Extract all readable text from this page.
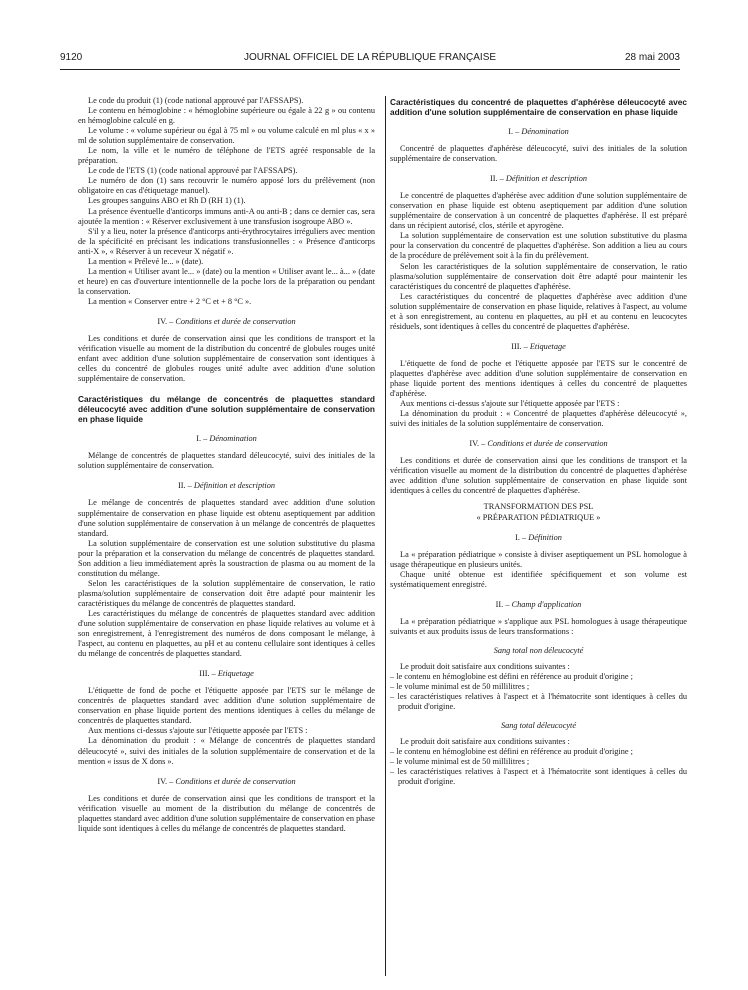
9120	JOURNAL OFFICIEL DE LA RÉPUBLIQUE FRANÇAISE	28 mai 2003

Le code du produit (1) (code national approuvé par l'AFSSAPS).

Le contenu en hémoglobine : « hémoglobine supérieure ou égale à 22 g » ou contenu en hémoglobine calculé en g.

Le volume : « volume supérieur ou égal à 75 ml » ou volume calculé en ml plus « x » ml de solution supplémentaire de conservation.

Le nom, la ville et le numéro de téléphone de l'ETS agréé responsable de la préparation.

Le code de l'ETS (1) (code national approuvé par l'AFSSAPS).

Le numéro de don (1) sans recouvrir le numéro apposé lors du prélèvement (non obligatoire en cas d'étiquetage manuel).

Les groupes sanguins ABO et Rh D (RH 1) (1).

La présence éventuelle d'anticorps immuns anti-A ou anti-B ; dans ce dernier cas, sera ajoutée la mention : « Réserver exclusivement à une transfusion isogroupe ABO ».

S'il y a lieu, noter la présence d'anticorps anti-érythrocytaires irréguliers avec mention de la spécificité en précisant les indications transfusionnelles : « Présence d'anticorps anti-X », « Réserver à un receveur X négatif ».

La mention « Prélevé le... » (date).

La mention « Utiliser avant le... » (date) ou la mention « Utiliser avant le... à... » (date et heure) en cas d'ouverture intentionnelle de la poche lors de la préparation ou pendant la conservation.

La mention « Conserver entre + 2 °C et + 8 °C ».

IV. – Conditions et durée de conservation

Les conditions et durée de conservation ainsi que les conditions de transport et la vérification visuelle au moment de la distribution du concentré de globules rouges unité enfant avec addition d'une solution supplémentaire de conservation sont identiques à celles du concentré de globules rouges unité adulte avec addition d'une solution supplémentaire de conservation.

Caractéristiques du mélange de concentrés de plaquettes standard déleucocyté avec addition d'une solution supplémentaire de conservation en phase liquide

I. – Dénomination

Mélange de concentrés de plaquettes standard déleucocyté, suivi des initiales de la solution supplémentaire de conservation.

II. – Définition et description

Le mélange de concentrés de plaquettes standard avec addition d'une solution supplémentaire de conservation en phase liquide est obtenu aseptiquement par addition d'une solution supplémentaire de conservation à un mélange de concentrés de plaquettes standard.

La solution supplémentaire de conservation est une solution substitutive du plasma pour la préparation et la conservation du mélange de concentrés de plaquettes standard. Son addition a lieu immédiatement après la soustraction de plasma ou au moment de la constitution du mélange.

Selon les caractéristiques de la solution supplémentaire de conservation, le ratio plasma/solution supplémentaire de conservation doit être adapté pour maintenir les caractéristiques du mélange de concentrés de plaquettes standard.

Les caractéristiques du mélange de concentrés de plaquettes standard avec addition d'une solution supplémentaire de conservation en phase liquide relatives au volume et à son enregistrement, à l'enregistrement des numéros de dons composant le mélange, à l'aspect, au contenu en plaquettes, au pH et au contenu cellulaire sont identiques à celles du mélange de concentrés de plaquettes standard.

III. – Etiquetage

L'étiquette de fond de poche et l'étiquette apposée par l'ETS sur le mélange de concentrés de plaquettes standard avec addition d'une solution supplémentaire de conservation en phase liquide portent des mentions identiques à celles du mélange de concentrés de plaquettes standard.

Aux mentions ci-dessus s'ajoute sur l'étiquette apposée par l'ETS :

La dénomination du produit : « Mélange de concentrés de plaquettes standard déleucocyté », suivi des initiales de la solution supplémentaire de conservation et de la mention « issus de X dons ».

IV. – Conditions et durée de conservation

Les conditions et durée de conservation ainsi que les conditions de transport et la vérification visuelle au moment de la distribution du mélange de concentrés de plaquettes standard avec addition d'une solution supplémentaire de conservation en phase liquide sont identiques à celles du mélange de concentrés de plaquettes standard.

Caractéristiques du concentré de plaquettes d'aphérèse déleucocyté avec addition d'une solution supplémentaire de conservation en phase liquide

I. – Dénomination

Concentré de plaquettes d'aphérèse déleucocyté, suivi des initiales de la solution supplémentaire de conservation.

II. – Définition et description

Le concentré de plaquettes d'aphérèse avec addition d'une solution supplémentaire de conservation en phase liquide est obtenu aseptiquement par addition d'une solution supplémentaire de conservation à un concentré de plaquettes d'aphérèse. Il est préparé dans un récipient autorisé, clos, stérile et apyrogène.

La solution supplémentaire de conservation est une solution substitutive du plasma pour la conservation du concentré de plaquettes d'aphérèse. Son addition a lieu au cours de la procédure de prélèvement soit à la fin du prélèvement.

Selon les caractéristiques de la solution supplémentaire de conservation, le ratio plasma/solution supplémentaire de conservation doit être adapté pour maintenir les caractéristiques du concentré de plaquettes d'aphérèse.

Les caractéristiques du concentré de plaquettes d'aphérèse avec addition d'une solution supplémentaire de conservation en phase liquide, relatives à l'aspect, au volume et à son enregistrement, au contenu en plaquettes, au pH et au contenu en leucocytes résiduels, sont identiques à celles du concentré de plaquettes d'aphérèse.

III. – Etiquetage

L'étiquette de fond de poche et l'étiquette apposée par l'ETS sur le concentré de plaquettes d'aphérèse avec addition d'une solution supplémentaire de conservation en phase liquide portent des mentions identiques à celles du concentré de plaquettes d'aphérèse.

Aux mentions ci-dessus s'ajoute sur l'étiquette apposée par l'ETS :

La dénomination du produit : « Concentré de plaquettes d'aphérèse déleucocyté », suivi des initiales de la solution supplémentaire de conservation.

IV. – Conditions et durée de conservation

Les conditions et durée de conservation ainsi que les conditions de transport et la vérification visuelle au moment de la distribution du concentré de plaquettes d'aphérèse avec addition d'une solution supplémentaire de conservation en phase liquide sont identiques à celles du concentré de plaquettes d'aphérèse.

TRANSFORMATION DES PSL

« PRÉPARATION PÉDIATRIQUE »

I. – Définition

La « préparation pédiatrique » consiste à diviser aseptiquement un PSL homologue à usage thérapeutique en plusieurs unités.

Chaque unité obtenue est identifiée spécifiquement et son volume est systématiquement enregistré.

II. – Champ d'application

La « préparation pédiatrique » s'applique aux PSL homologues à usage thérapeutique suivants et aux produits issus de leurs transformations :

Sang total non déleucocyté

Le produit doit satisfaire aux conditions suivantes :

– le contenu en hémoglobine est défini en référence au produit d'origine ;

– le volume minimal est de 50 millilitres ;

– les caractéristiques relatives à l'aspect et à l'hématocrite sont identiques à celles du produit d'origine.

Sang total déleucocyté

Le produit doit satisfaire aux conditions suivantes :

– le contenu en hémoglobine est défini en référence au produit d'origine ;

– le volume minimal est de 50 millilitres ;

– les caractéristiques relatives à l'aspect et à l'hématocrite sont identiques à celles du produit d'origine.
